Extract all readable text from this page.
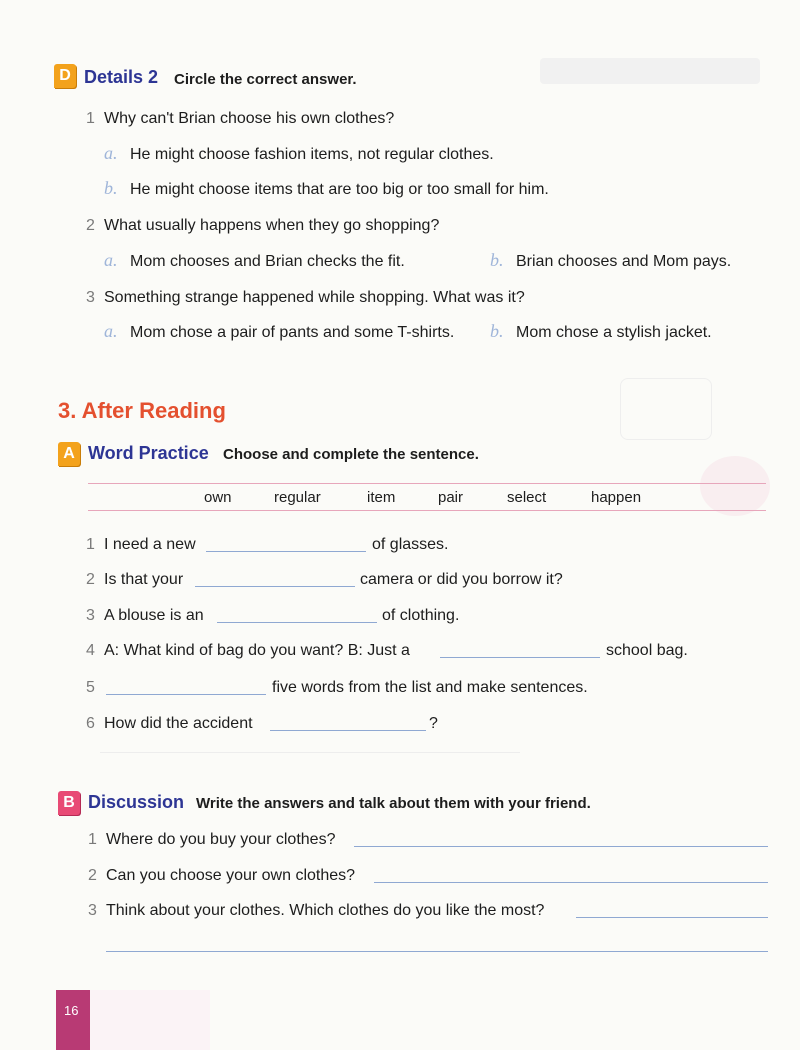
D Details 2 Circle the correct answer.
1 Why can't Brian choose his own clothes?
a. He might choose fashion items, not regular clothes.
b. He might choose items that are too big or too small for him.
2 What usually happens when they go shopping?
a. Mom chooses and Brian checks the fit.	b. Brian chooses and Mom pays.
3 Something strange happened while shopping. What was it?
a. Mom chose a pair of pants and some T-shirts. b. Mom chose a stylish jacket.
3. After Reading
A Word Practice Choose and complete the sentence.
own	regular	item	pair	select	happen
1 I need a new	of glasses.
2 Is that your	camera or did you borrow it?
3 A blouse is an	of clothing.
4 A: What kind of bag do you want? B: Just a	school bag.
5	five words from the list and make sentences.
6 How did the accident	?
B Discussion Write the answers and talk about them with your friend.
1 Where do you buy your clothes?
2 Can you choose your own clothes?
3 Think about your clothes. Which clothes do you like the most?
16
